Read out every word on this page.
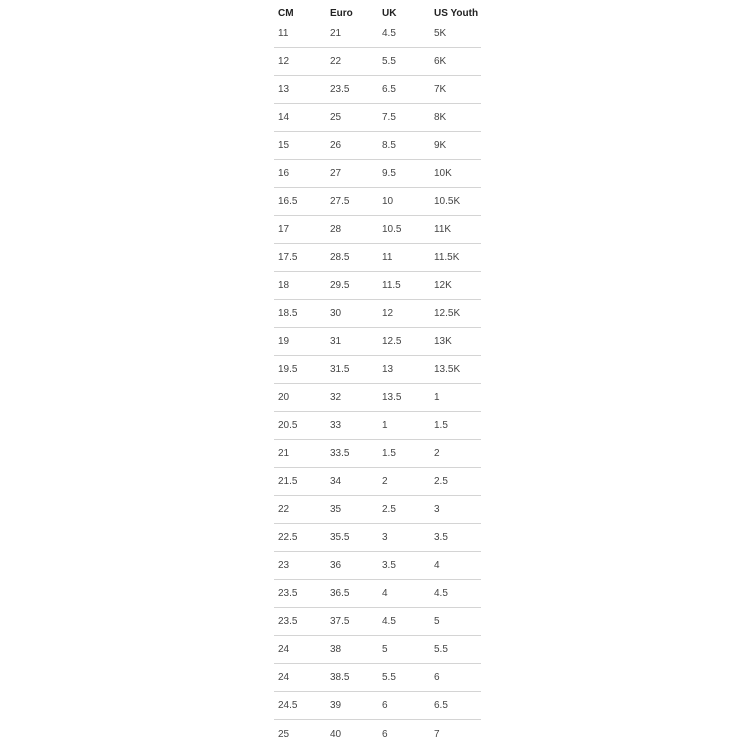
CM	Euro	UK	US Youth
11	21	4.5	5K
12	22	5.5	6K
13	23.5	6.5	7K
14	25	7.5	8K
15	26	8.5	9K
16	27	9.5	10K
16.5	27.5	10	10.5K
17	28	10.5	11K
17.5	28.5	11	11.5K
18	29.5	11.5	12K
18.5	30	12	12.5K
19	31	12.5	13K
19.5	31.5	13	13.5K
20	32	13.5	1
20.5	33	1	1.5
21	33.5	1.5	2
21.5	34	2	2.5
22	35	2.5	3
22.5	35.5	3	3.5
23	36	3.5	4
23.5	36.5	4	4.5
23.5	37.5	4.5	5
24	38	5	5.5
24	38.5	5.5	6
24.5	39	6	6.5
25	40	6	7
